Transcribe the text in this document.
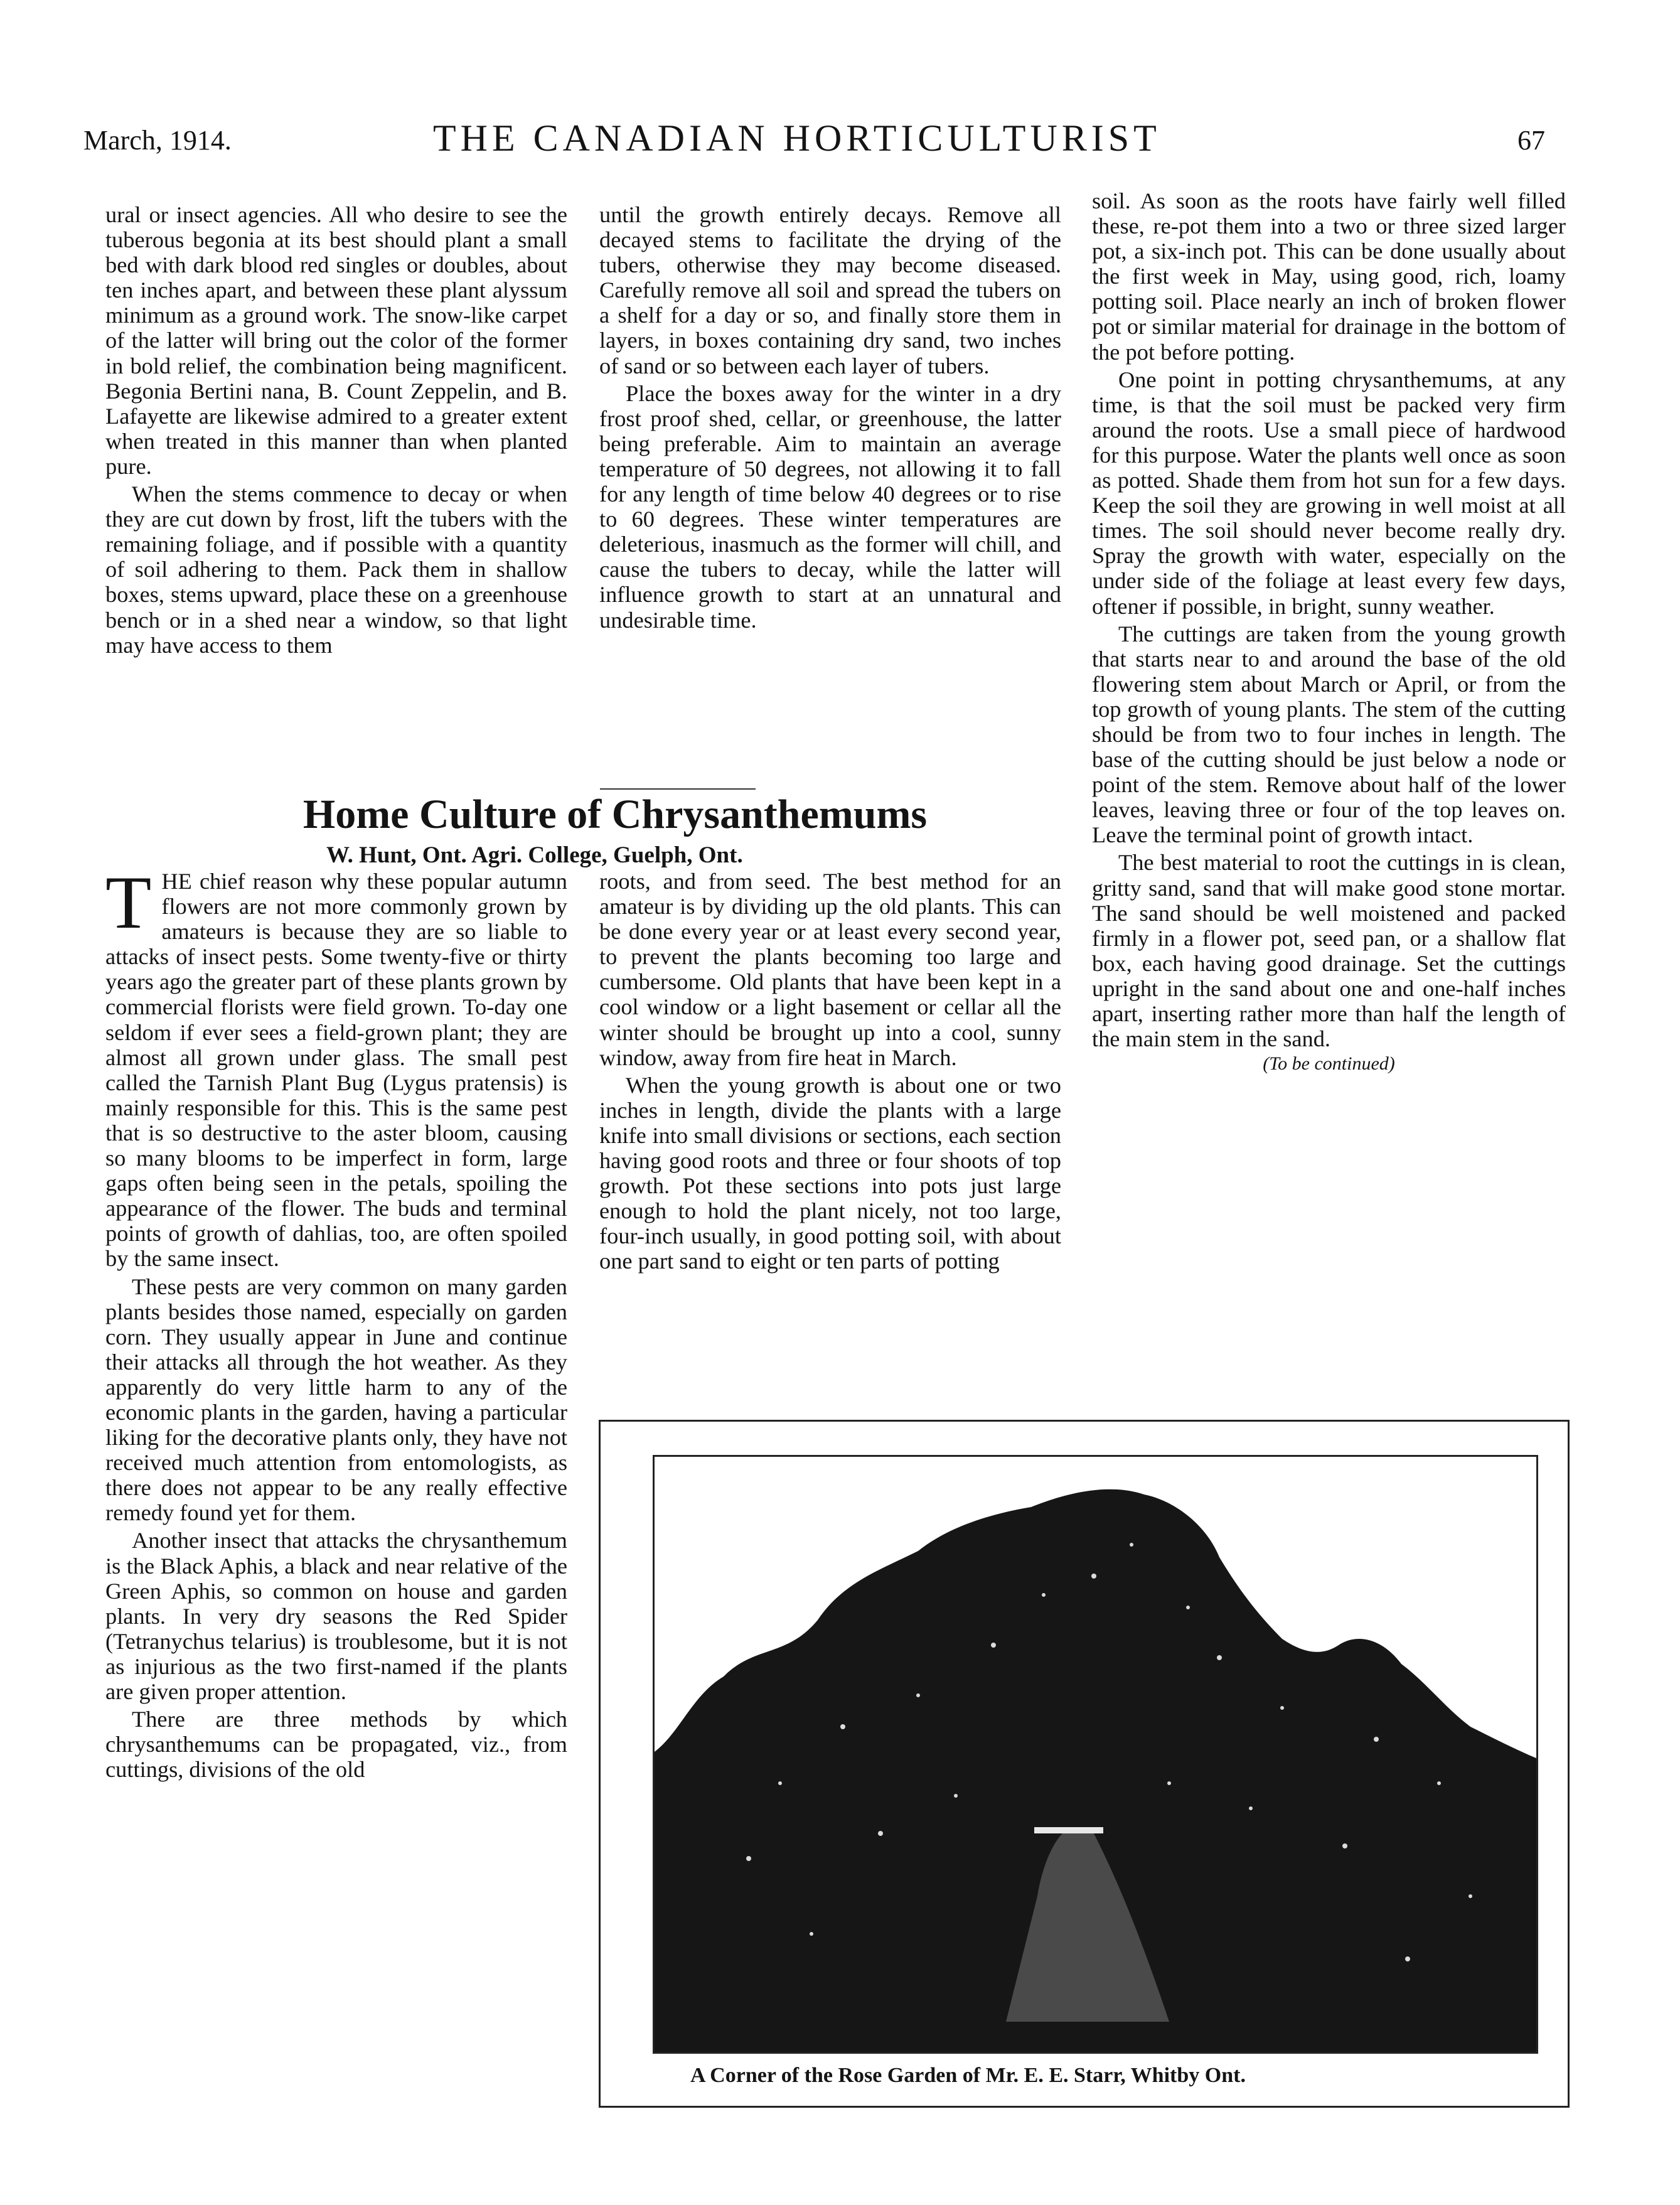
March, 1914.	THE CANADIAN HORTICULTURIST	67

ural or insect agencies. All who desire to see the tuberous begonia at its best should plant a small bed with dark blood red singles or doubles, about ten inches apart, and between these plant alyssum minimum as a ground work. The snow-like carpet of the latter will bring out the color of the former in bold relief, the combination being magnificent. Begonia Bertini nana, B. Count Zeppelin, and B. Lafayette are likewise admired to a greater extent when treated in this manner than when planted pure.

When the stems commence to decay or when they are cut down by frost, lift the tubers with the remaining foliage, and if possible with a quantity of soil adhering to them. Pack them in shallow boxes, stems upward, place these on a greenhouse bench or in a shed near a window, so that light may have access to them

until the growth entirely decays. Remove all decayed stems to facilitate the drying of the tubers, otherwise they may become diseased. Carefully remove all soil and spread the tubers on a shelf for a day or so, and finally store them in layers, in boxes containing dry sand, two inches of sand or so between each layer of tubers.

Place the boxes away for the winter in a dry frost proof shed, cellar, or greenhouse, the latter being preferable. Aim to maintain an average temperature of 50 degrees, not allowing it to fall for any length of time below 40 degrees or to rise to 60 degrees. These winter temperatures are deleterious, inasmuch as the former will chill, and cause the tubers to decay, while the latter will influence growth to start at an unnatural and undesirable time.

Home Culture of Chrysanthemums
W. Hunt, Ont. Agri. College, Guelph, Ont.

THE chief reason why these popular autumn flowers are not more commonly grown by amateurs is because they are so liable to attacks of insect pests. Some twenty-five or thirty years ago the greater part of these plants grown by commercial florists were field grown. To-day one seldom if ever sees a field-grown plant; they are almost all grown under glass. The small pest called the Tarnish Plant Bug (Lygus pratensis) is mainly responsible for this. This is the same pest that is so destructive to the aster bloom, causing so many blooms to be imperfect in form, large gaps often being seen in the petals, spoiling the appearance of the flower. The buds and terminal points of growth of dahlias, too, are often spoiled by the same insect.

These pests are very common on many garden plants besides those named, especially on garden corn. They usually appear in June and continue their attacks all through the hot weather. As they apparently do very little harm to any of the economic plants in the garden, having a particular liking for the decorative plants only, they have not received much attention from entomologists, as there does not appear to be any really effective remedy found yet for them.

Another insect that attacks the chrysanthemum is the Black Aphis, a black and near relative of the Green Aphis, so common on house and garden plants. In very dry seasons the Red Spider (Tetranychus telarius) is troublesome, but it is not as injurious as the two first-named if the plants are given proper attention.

There are three methods by which chrysanthemums can be propagated, viz., from cuttings, divisions of the old

roots, and from seed. The best method for an amateur is by dividing up the old plants. This can be done every year or at least every second year, to prevent the plants becoming too large and cumbersome. Old plants that have been kept in a cool window or a light basement or cellar all the winter should be brought up into a cool, sunny window, away from fire heat in March.

When the young growth is about one or two inches in length, divide the plants with a large knife into small divisions or sections, each section having good roots and three or four shoots of top growth. Pot these sections into pots just large enough to hold the plant nicely, not too large, four-inch usually, in good potting soil, with about one part sand to eight or ten parts of potting

soil. As soon as the roots have fairly well filled these, re-pot them into a two or three sized larger pot, a six-inch pot. This can be done usually about the first week in May, using good, rich, loamy potting soil. Place nearly an inch of broken flower pot or similar material for drainage in the bottom of the pot before potting.

One point in potting chrysanthemums, at any time, is that the soil must be packed very firm around the roots. Use a small piece of hardwood for this purpose. Water the plants well once as soon as potted. Shade them from hot sun for a few days. Keep the soil they are growing in well moist at all times. The soil should never become really dry. Spray the growth with water, especially on the under side of the foliage at least every few days, oftener if possible, in bright, sunny weather.

The cuttings are taken from the young growth that starts near to and around the base of the old flowering stem about March or April, or from the top growth of young plants. The stem of the cutting should be from two to four inches in length. The base of the cutting should be just below a node or point of the stem. Remove about half of the lower leaves, leaving three or four of the top leaves on. Leave the terminal point of growth intact.

The best material to root the cuttings in is clean, gritty sand, sand that will make good stone mortar. The sand should be well moistened and packed firmly in a flower pot, seed pan, or a shallow flat box, each having good drainage. Set the cuttings upright in the sand about one and one-half inches apart, inserting rather more than half the length of the main stem in the sand.

(To be continued)

A Corner of the Rose Garden of Mr. E. E. Starr, Whitby Ont.
